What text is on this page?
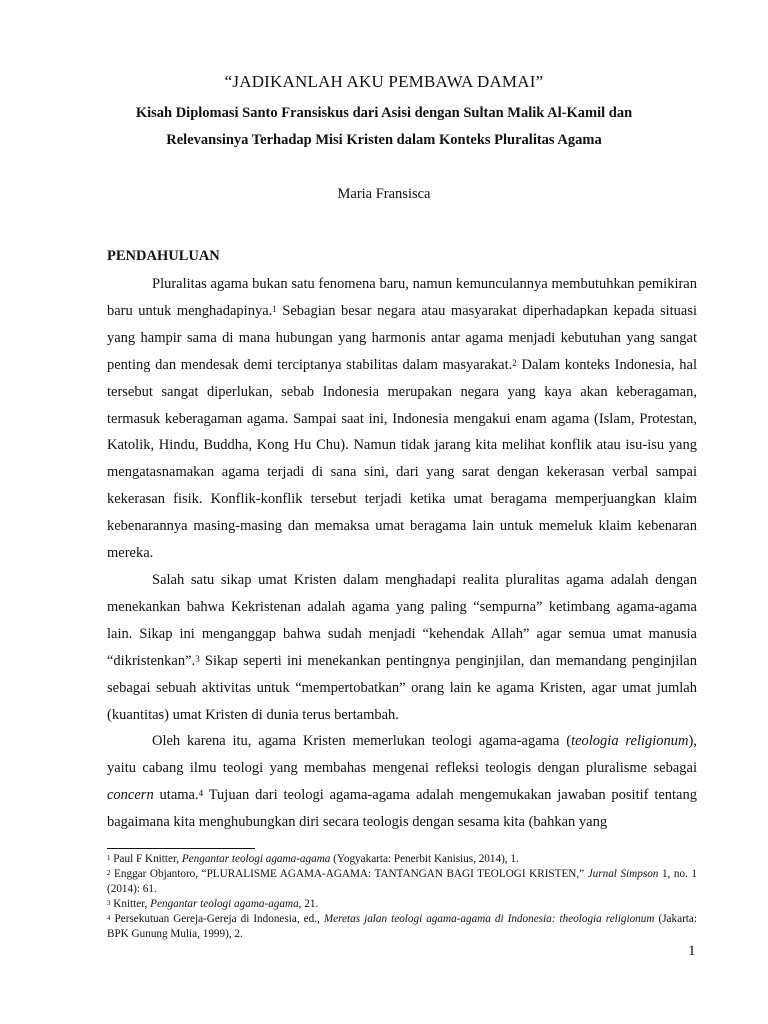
“JADIKANLAH AKU PEMBAWA DAMAI”
Kisah Diplomasi Santo Fransiskus dari Asisi dengan Sultan Malik Al-Kamil dan
Relevansinya Terhadap Misi Kristen dalam Konteks Pluralitas Agama
Maria Fransisca
PENDAHULUAN

Pluralitas agama bukan satu fenomena baru, namun kemunculannya membutuhkan pemikiran baru untuk menghadapinya.$^1$ Sebagian besar negara atau masyarakat diperhadapkan kepada situasi yang hampir sama di mana hubungan yang harmonis antar agama menjadi kebutuhan yang sangat penting dan mendesak demi terciptanya stabilitas dalam masyarakat.$^2$ Dalam konteks Indonesia, hal tersebut sangat diperlukan, sebab Indonesia merupakan negara yang kaya akan keberagaman, termasuk keberagaman agama. Sampai saat ini, Indonesia mengakui enam agama (Islam, Protestan, Katolik, Hindu, Buddha, Kong Hu Chu). Namun tidak jarang kita melihat konflik atau isu-isu yang mengatasnamakan agama terjadi di sana sini, dari yang sarat dengan kekerasan verbal sampai kekerasan fisik. Konflik-konflik tersebut terjadi ketika umat beragama memperjuangkan klaim kebenarannya masing-masing dan memaksa umat beragama lain untuk memeluk klaim kebenaran mereka.

Salah satu sikap umat Kristen dalam menghadapi realita pluralitas agama adalah dengan menekankan bahwa Kekristenan adalah agama yang paling “sempurna” ketimbang agama-agama lain. Sikap ini menganggap bahwa sudah menjadi “kehendak Allah” agar semua umat manusia “dikristenkan”.$^3$ Sikap seperti ini menekankan pentingnya penginjilan, dan memandang penginjilan sebagai sebuah aktivitas untuk “mempertobatkan” orang lain ke agama Kristen, agar umat jumlah (kuantitas) umat Kristen di dunia terus bertambah.

Oleh karena itu, agama Kristen memerlukan teologi agama-agama (teologia religionum), yaitu cabang ilmu teologi yang membahas mengenai refleksi teologis dengan pluralisme sebagai concern utama.$^4$ Tujuan dari teologi agama-agama adalah mengemukakan jawaban positif tentang bagaimana kita menghubungkan diri secara teologis dengan sesama kita (bahkan yang

$^1$ Paul F Knitter, Pengantar teologi agama-agama (Yogyakarta: Penerbit Kanisius, 2014), 1.
$^2$ Enggar Objantoro, “PLURALISME AGAMA-AGAMA: TANTANGAN BAGI TEOLOGI KRISTEN,” Jurnal Simpson 1, no. 1 (2014): 61.
$^3$ Knitter, Pengantar teologi agama-agama, 21.
$^4$ Persekutuan Gereja-Gereja di Indonesia, ed., Meretas jalan teologi agama-agama di Indonesia: theologia religionum (Jakarta: BPK Gunung Mulia, 1999), 2.
1
